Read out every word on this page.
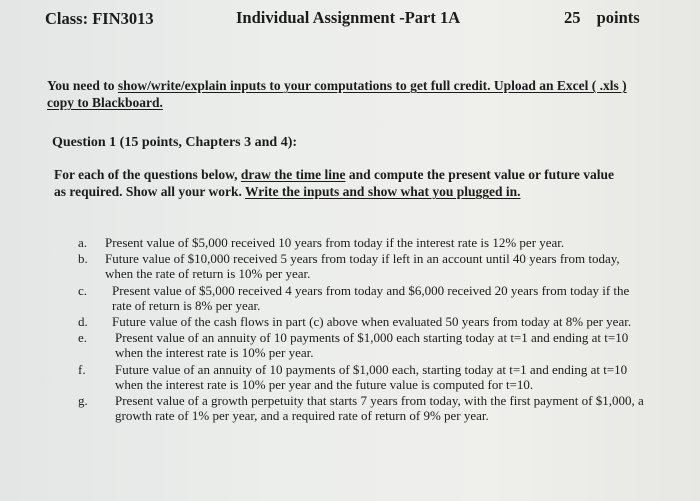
Class: FIN3013	Individual Assignment -Part 1A	25 points
You need to show/write/explain inputs to your computations to get full credit. Upload an Excel ( .xls ) copy to Blackboard.
Question 1 (15 points, Chapters 3 and 4):
For each of the questions below, draw the time line and compute the present value or future value as required. Show all your work. Write the inputs and show what you plugged in.
a.	Present value of $5,000 received 10 years from today if the interest rate is 12% per year.
b.	Future value of $10,000 received 5 years from today if left in an account until 40 years from today, when the rate of return is 10% per year.
c.	Present value of $5,000 received 4 years from today and $6,000 received 20 years from today if the rate of return is 8% per year.
d.	Future value of the cash flows in part (c) above when evaluated 50 years from today at 8% per year.
e.	Present value of an annuity of 10 payments of $1,000 each starting today at t=1 and ending at t=10 when the interest rate is 10% per year.
f.	Future value of an annuity of 10 payments of $1,000 each, starting today at t=1 and ending at t=10 when the interest rate is 10% per year and the future value is computed for t=10.
g.	Present value of a growth perpetuity that starts 7 years from today, with the first payment of $1,000, a growth rate of 1% per year, and a required rate of return of 9% per year.
